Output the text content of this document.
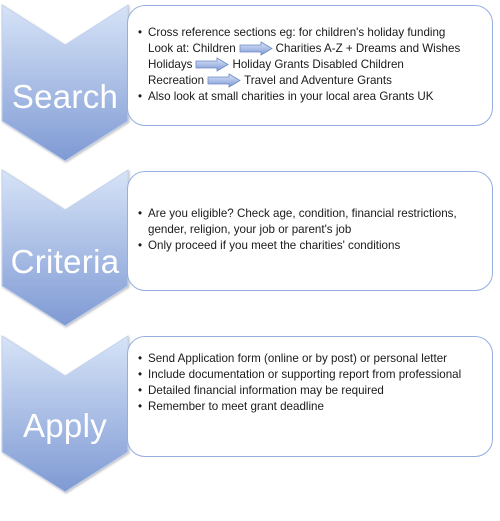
Search
• Cross reference sections eg: for children's holiday funding
Look at: Children	Charities A-Z + Dreams and Wishes
Holidays	Holiday Grants Disabled Children
Recreation	Travel and Adventure Grants
• Also look at small charities in your local area Grants UK
Criteria
• Are you eligible? Check age, condition, financial restrictions, gender, religion, your job or parent's job
• Only proceed if you meet the charities' conditions
Apply
• Send Application form (online or by post) or personal letter
• Include documentation or supporting report from professional
• Detailed financial information may be required
• Remember to meet grant deadline
